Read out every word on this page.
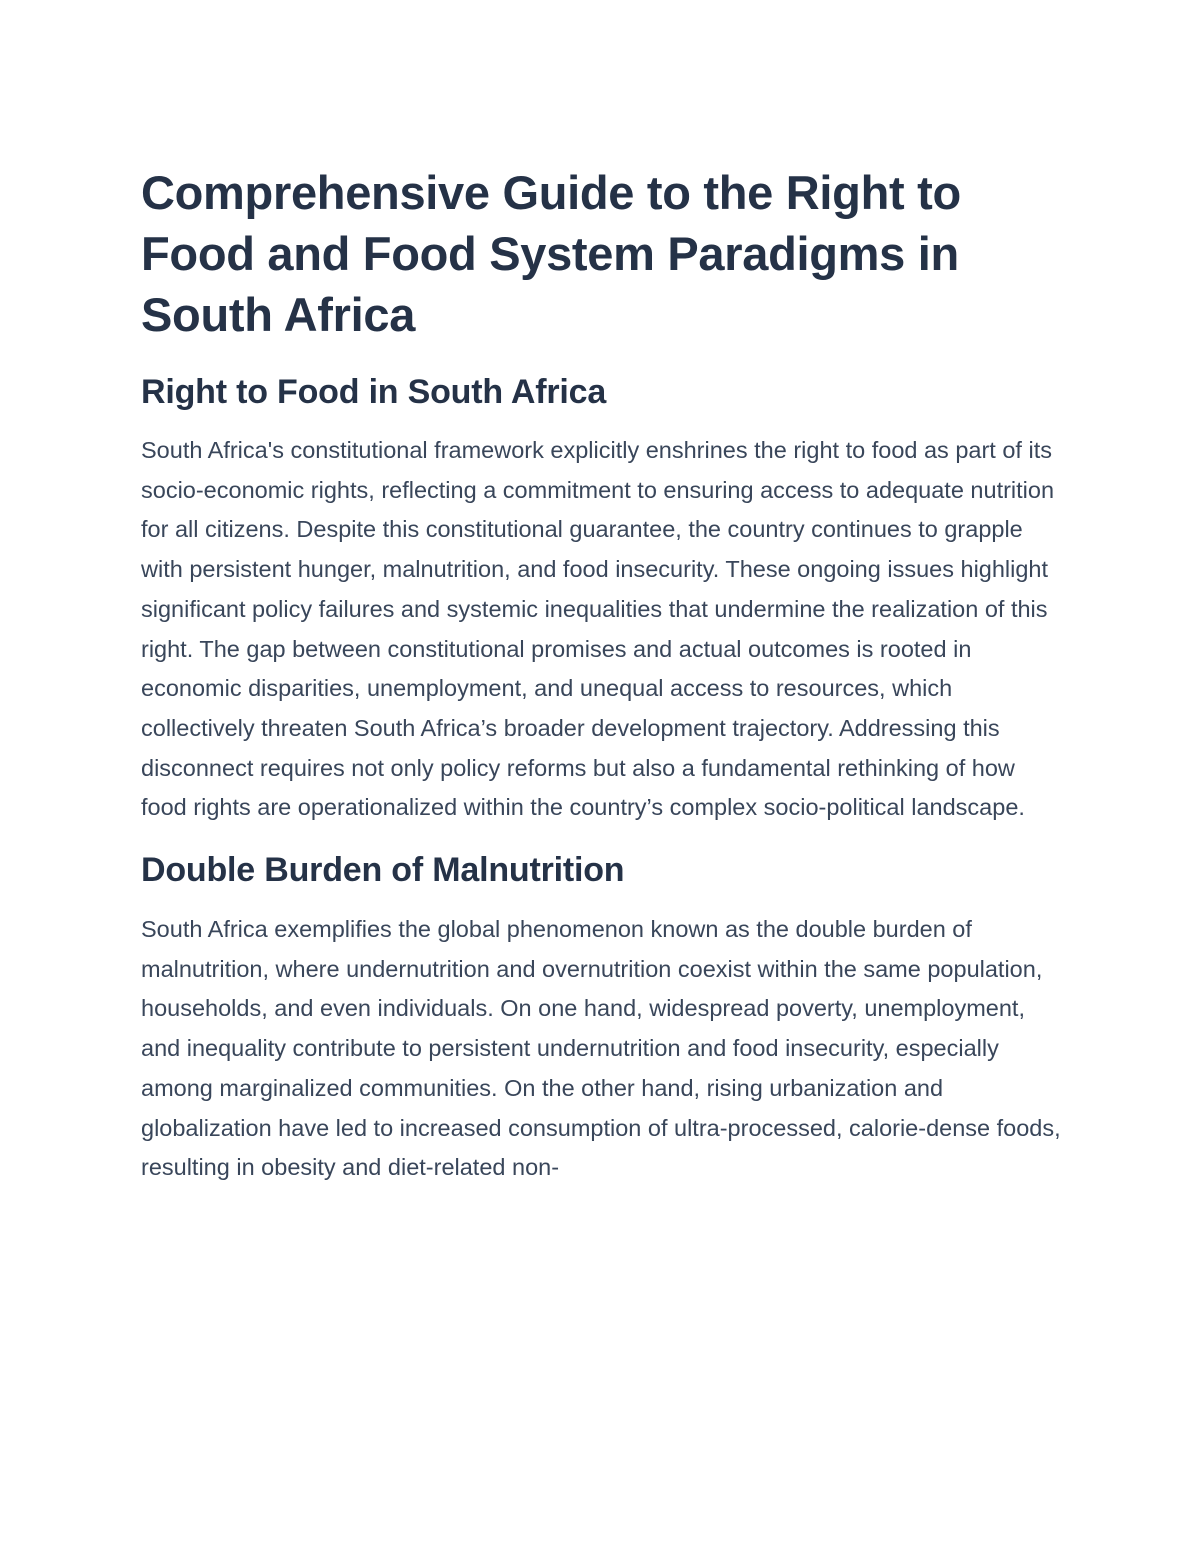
Comprehensive Guide to the Right to Food and Food System Paradigms in South Africa
Right to Food in South Africa

South Africa's constitutional framework explicitly enshrines the right to food as part of its socio-economic rights, reflecting a commitment to ensuring access to adequate nutrition for all citizens. Despite this constitutional guarantee, the country continues to grapple with persistent hunger, malnutrition, and food insecurity. These ongoing issues highlight significant policy failures and systemic inequalities that undermine the realization of this right. The gap between constitutional promises and actual outcomes is rooted in economic disparities, unemployment, and unequal access to resources, which collectively threaten South Africa’s broader development trajectory. Addressing this disconnect requires not only policy reforms but also a fundamental rethinking of how food rights are operationalized within the country’s complex socio-political landscape.

Double Burden of Malnutrition

South Africa exemplifies the global phenomenon known as the double burden of malnutrition, where undernutrition and overnutrition coexist within the same population, households, and even individuals. On one hand, widespread poverty, unemployment, and inequality contribute to persistent undernutrition and food insecurity, especially among marginalized communities. On the other hand, rising urbanization and globalization have led to increased consumption of ultra-processed, calorie-dense foods, resulting in obesity and diet-related non-
